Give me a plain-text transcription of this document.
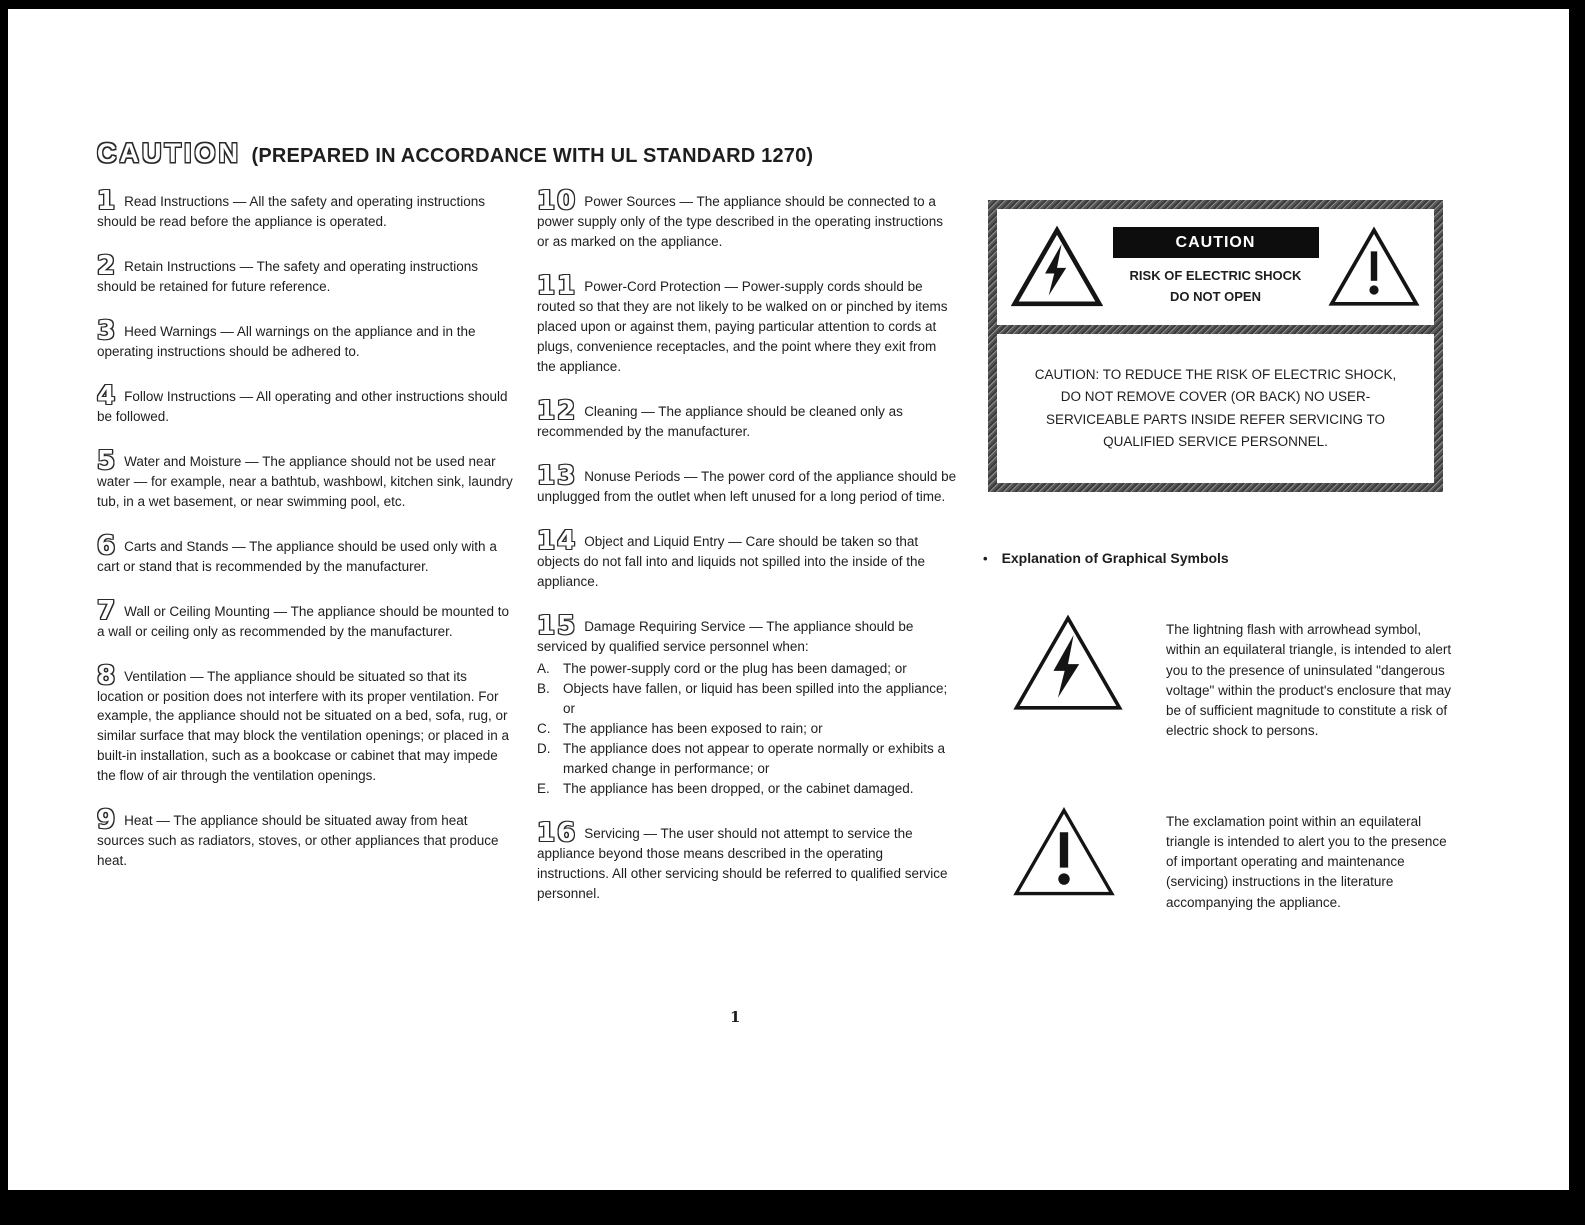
CAUTION (PREPARED IN ACCORDANCE WITH UL STANDARD 1270)
1 Read Instructions — All the safety and operating instructions should be read before the appliance is operated.
2 Retain Instructions — The safety and operating instructions should be retained for future reference.
3 Heed Warnings — All warnings on the appliance and in the operating instructions should be adhered to.
4 Follow Instructions — All operating and other instructions should be followed.
5 Water and Moisture — The appliance should not be used near water — for example, near a bathtub, washbowl, kitchen sink, laundry tub, in a wet basement, or near swimming pool, etc.
6 Carts and Stands — The appliance should be used only with a cart or stand that is recommended by the manufacturer.
7 Wall or Ceiling Mounting — The appliance should be mounted to a wall or ceiling only as recommended by the manufacturer.
8 Ventilation — The appliance should be situated so that its location or position does not interfere with its proper ventilation. For example, the appliance should not be situated on a bed, sofa, rug, or similar surface that may block the ventilation openings; or placed in a built-in installation, such as a bookcase or cabinet that may impede the flow of air through the ventilation openings.
9 Heat — The appliance should be situated away from heat sources such as radiators, stoves, or other appliances that produce heat.
10 Power Sources — The appliance should be connected to a power supply only of the type described in the operating instructions or as marked on the appliance.
11 Power-Cord Protection — Power-supply cords should be routed so that they are not likely to be walked on or pinched by items placed upon or against them, paying particular attention to cords at plugs, convenience receptacles, and the point where they exit from the appliance.
12 Cleaning — The appliance should be cleaned only as recommended by the manufacturer.
13 Nonuse Periods — The power cord of the appliance should be unplugged from the outlet when left unused for a long period of time.
14 Object and Liquid Entry — Care should be taken so that objects do not fall into and liquids not spilled into the inside of the appliance.
15 Damage Requiring Service — The appliance should be serviced by qualified service personnel when:
A. The power-supply cord or the plug has been damaged; or
B. Objects have fallen, or liquid has been spilled into the appliance; or
C. The appliance has been exposed to rain; or
D. The appliance does not appear to operate normally or exhibits a marked change in performance; or
E. The appliance has been dropped, or the cabinet damaged.
16 Servicing — The user should not attempt to service the appliance beyond those means described in the operating instructions. All other servicing should be referred to qualified service personnel.
CAUTION
RISK OF ELECTRIC SHOCK
DO NOT OPEN
CAUTION: TO REDUCE THE RISK OF ELECTRIC SHOCK, DO NOT REMOVE COVER (OR BACK) NO USER-SERVICEABLE PARTS INSIDE REFER SERVICING TO QUALIFIED SERVICE PERSONNEL.
• Explanation of Graphical Symbols
The lightning flash with arrowhead symbol, within an equilateral triangle, is intended to alert you to the presence of uninsulated "dangerous voltage" within the product's enclosure that may be of sufficient magnitude to constitute a risk of electric shock to persons.
The exclamation point within an equilateral triangle is intended to alert you to the presence of important operating and maintenance (servicing) instructions in the literature accompanying the appliance.
1
